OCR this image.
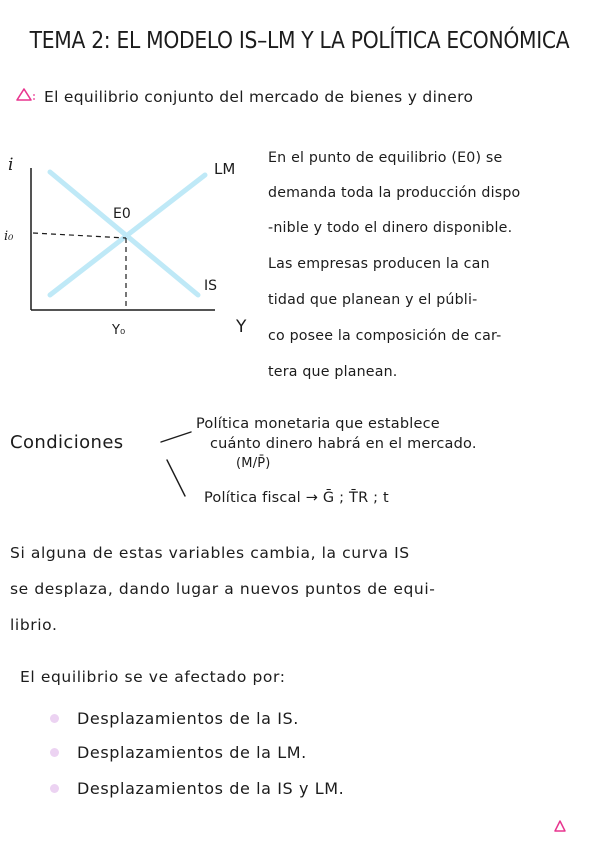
TEMA 2: EL MODELO IS–LM Y LA POLÍTICA ECONÓMICA
El equilibrio conjunto del mercado de bienes y dinero
i
i₀
Y
Y₀
LM
IS
E0
En el punto de equilibrio (E0) se
demanda toda la producción dispo
-nible y todo el dinero disponible.
Las empresas producen la can
tidad que planean y el públi-
co posee la composición de car-
tera que planean.
Condiciones
Política monetaria que establece
cuánto dinero habrá en el mercado.
(M/P̄)
Política fiscal → Ḡ ; T̄R ; t
Si alguna de estas variables cambia, la curva IS
se desplaza, dando lugar a nuevos puntos de equi-
librio.
El equilibrio se ve afectado por:
Desplazamientos de la IS.
Desplazamientos de la LM.
Desplazamientos de la IS y LM.
